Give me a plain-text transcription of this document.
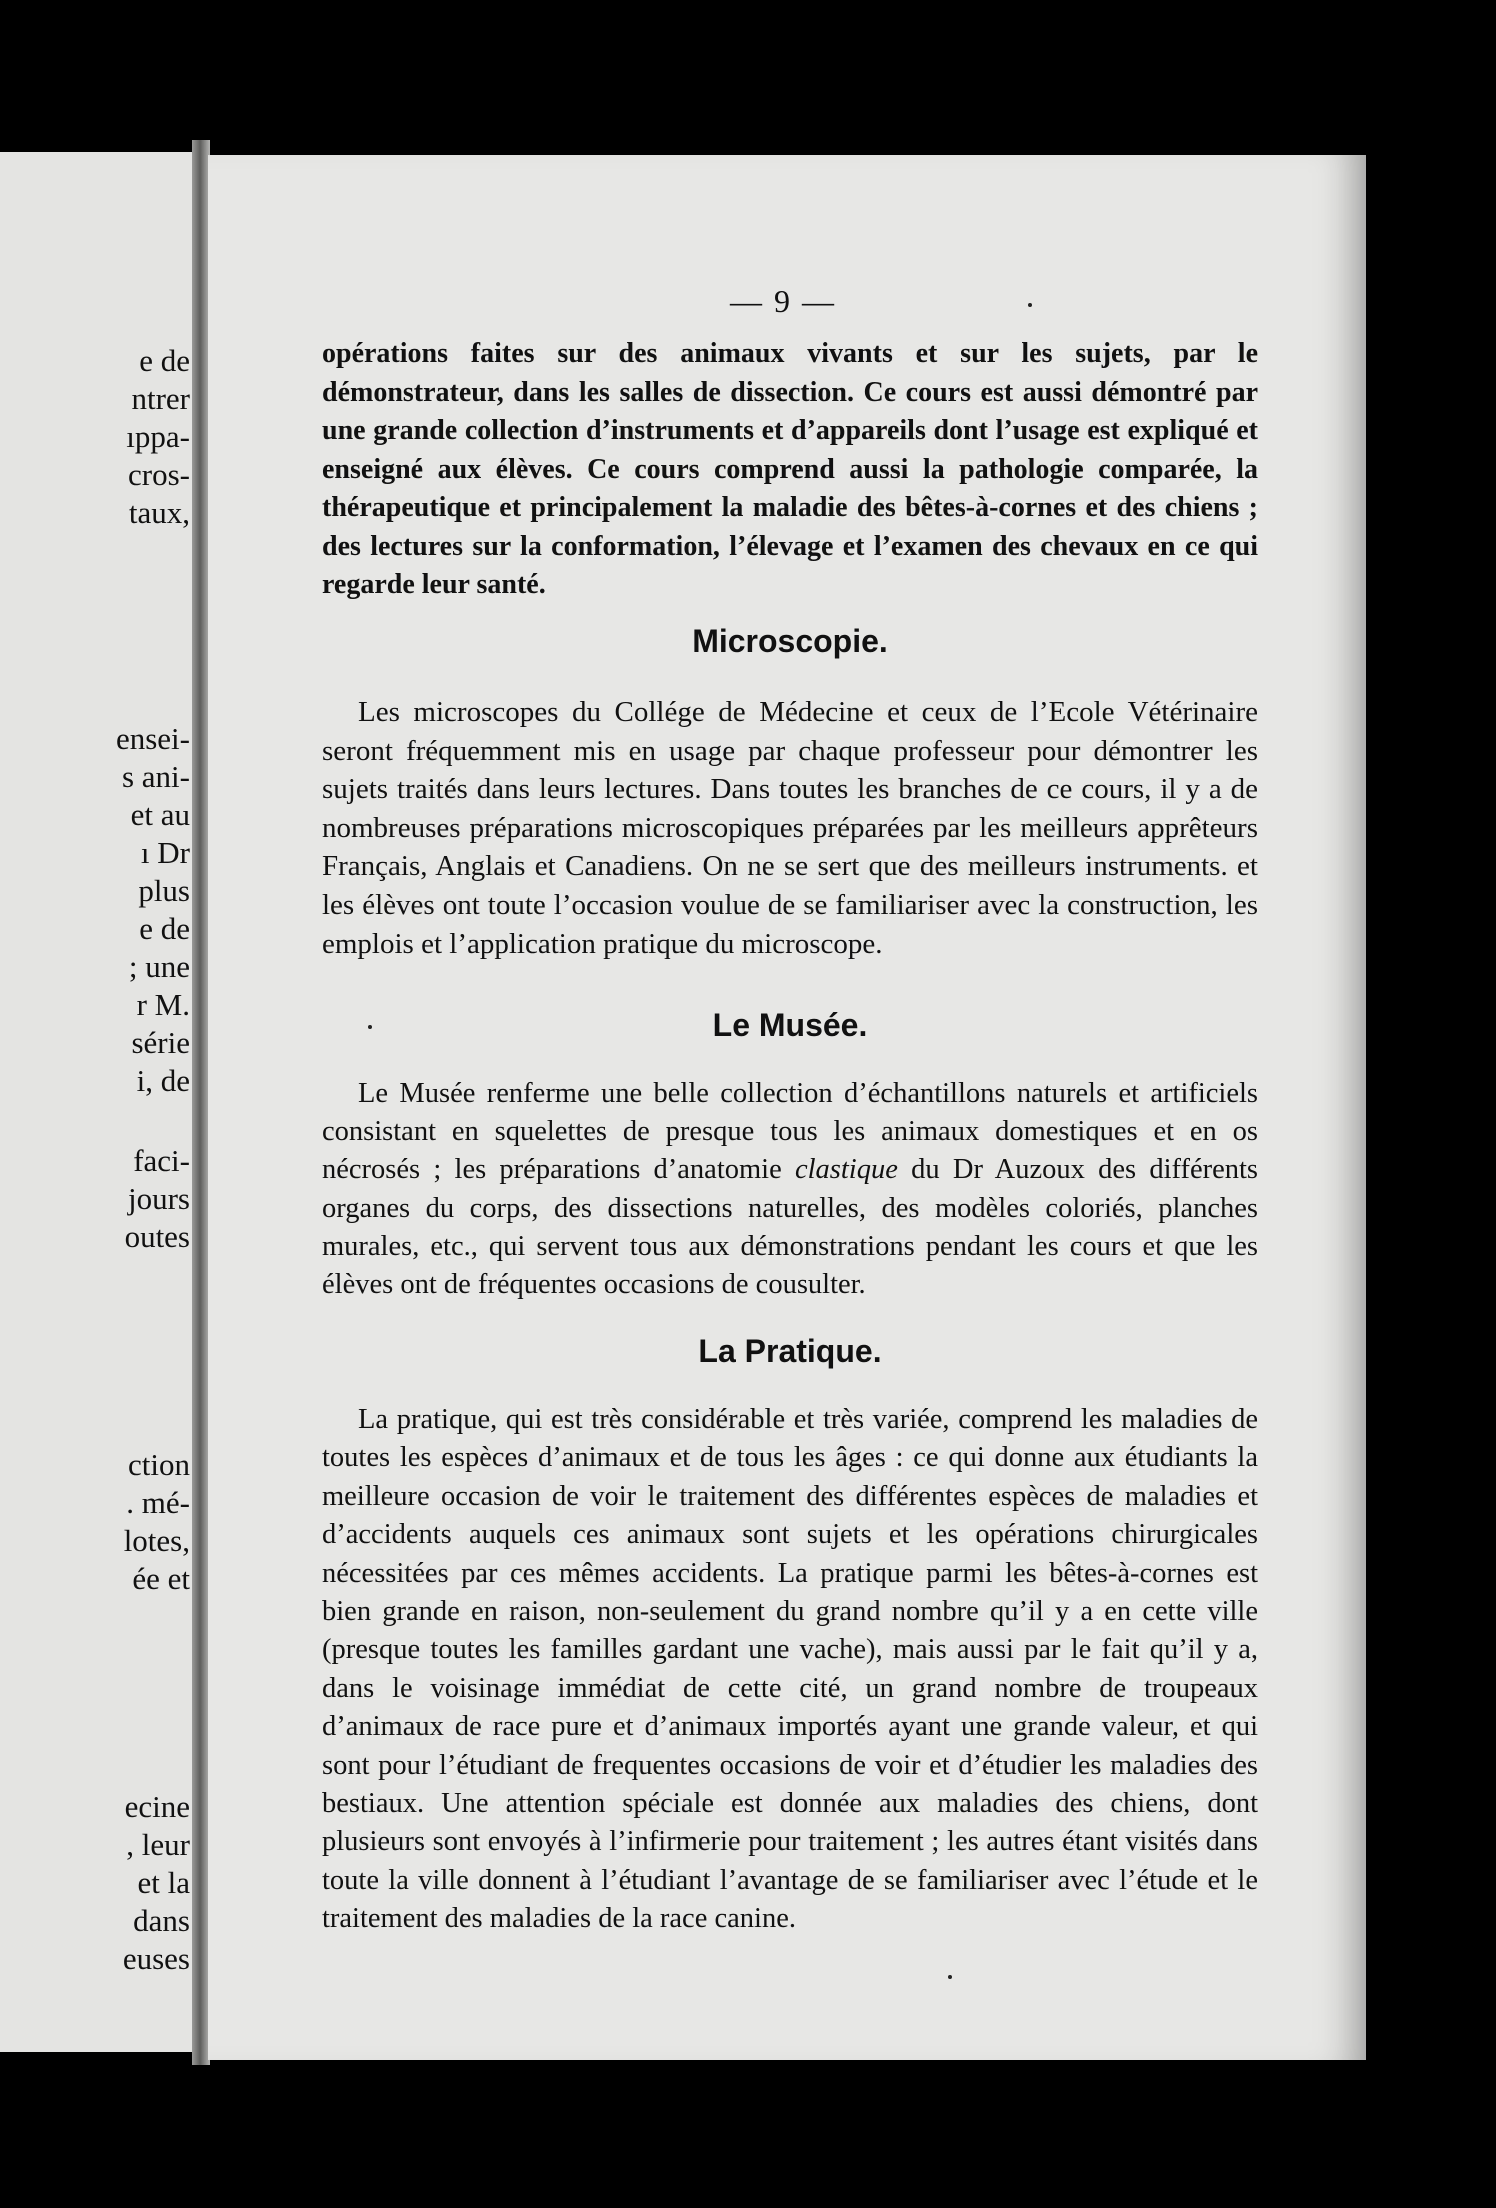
e de
ntrer
ıppa-
cros-
taux,
ensei-
s ani-
et au
ı Dr
plus
e de
; une
r M.
série
i, de
faci-
jours
outes
ction
. mé-
lotes,
ée et
ecine
, leur
et la
dans
euses
— 9 —

opérations faites sur des animaux vivants et sur les sujets, par le démonstrateur, dans les salles de dissection. Ce cours est aussi démontré par une grande collection d’instruments et d’appareils dont l’usage est expliqué et enseigné aux élèves. Ce cours comprend aussi la pathologie comparée, la thérapeutique et principalement la maladie des bêtes-à-cornes et des chiens ; des lectures sur la conformation, l’élevage et l’examen des chevaux en ce qui regarde leur santé.

Microscopie.

Les microscopes du Collége de Médecine et ceux de l’Ecole Vétérinaire seront fréquemment mis en usage par chaque professeur pour démontrer les sujets traités dans leurs lectures. Dans toutes les branches de ce cours, il y a de nombreuses préparations microscopiques préparées par les meilleurs apprêteurs Français, Anglais et Canadiens. On ne se sert que des meilleurs instruments. et les élèves ont toute l’occasion voulue de se familiariser avec la construction, les emplois et l’application pratique du microscope.

Le Musée.

Le Musée renferme une belle collection d’échantillons naturels et artificiels consistant en squelettes de presque tous les animaux domestiques et en os nécrosés ; les préparations d’anatomie clastique du Dr Auzoux des différents organes du corps, des dissections naturelles, des modèles coloriés, planches murales, etc., qui servent tous aux démonstrations pendant les cours et que les élèves ont de fréquentes occasions de cousulter.

La Pratique.

La pratique, qui est très considérable et très variée, comprend les maladies de toutes les espèces d’animaux et de tous les âges : ce qui donne aux étudiants la meilleure occasion de voir le traitement des différentes espèces de maladies et d’accidents auquels ces animaux sont sujets et les opérations chirurgicales nécessitées par ces mêmes accidents. La pratique parmi les bêtes-à-cornes est bien grande en raison, non-seulement du grand nombre qu’il y a en cette ville (presque toutes les familles gardant une vache), mais aussi par le fait qu’il y a, dans le voisinage immédiat de cette cité, un grand nombre de troupeaux d’animaux de race pure et d’animaux importés ayant une grande valeur, et qui sont pour l’étudiant de frequentes occasions de voir et d’étudier les maladies des bestiaux. Une attention spéciale est donnée aux maladies des chiens, dont plusieurs sont envoyés à l’infirmerie pour traitement ; les autres étant visités dans toute la ville donnent à l’étudiant l’avantage de se familiariser avec l’étude et le traitement des maladies de la race canine.
